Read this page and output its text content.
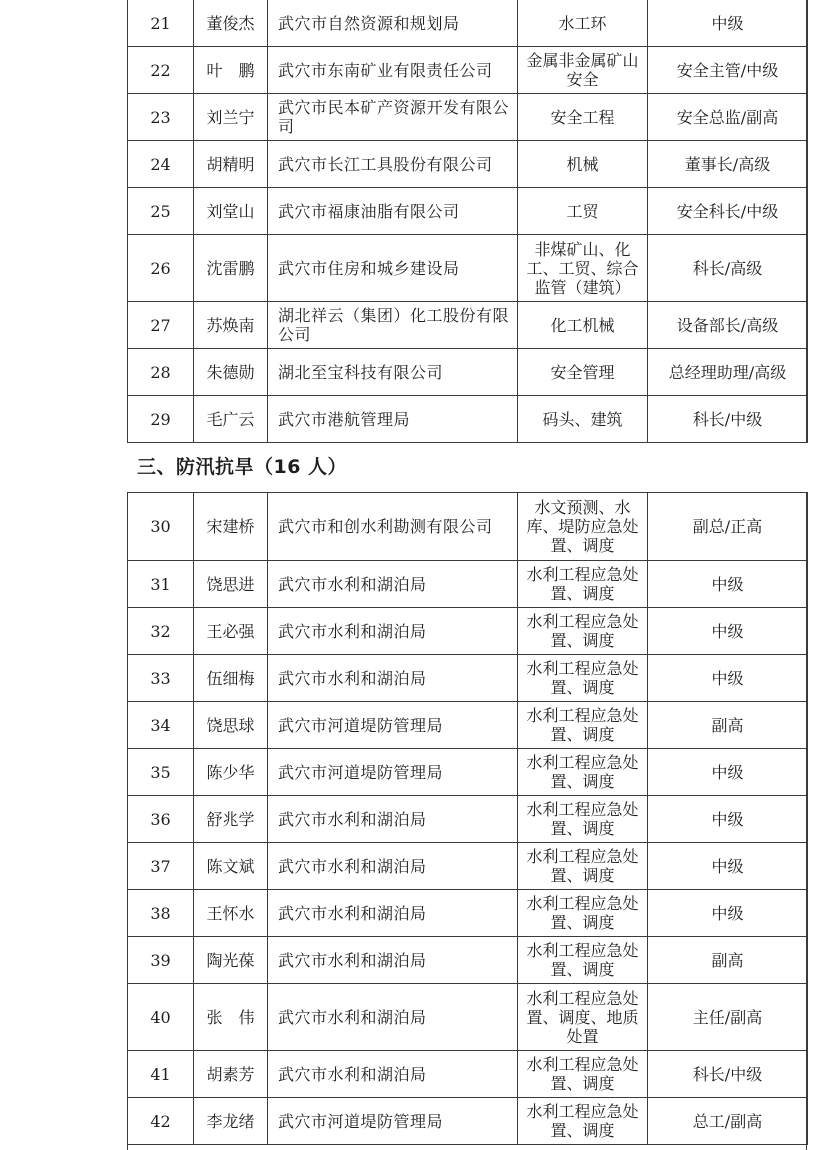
21	董俊杰	武穴市自然资源和规划局	水工环	中级
22	叶　鹏	武穴市东南矿业有限责任公司	金属非金属矿山安全	安全主管/中级
23	刘兰宁	武穴市民本矿产资源开发有限公司	安全工程	安全总监/副高
24	胡精明	武穴市长江工具股份有限公司	机械	董事长/高级
25	刘堂山	武穴市福康油脂有限公司	工贸	安全科长/中级
26	沈雷鹏	武穴市住房和城乡建设局	非煤矿山、化工、工贸、综合监管（建筑）	科长/高级
27	苏焕南	湖北祥云（集团）化工股份有限公司	化工机械	设备部长/高级
28	朱德勋	湖北至宝科技有限公司	安全管理	总经理助理/高级
29	毛广云	武穴市港航管理局	码头、建筑	科长/中级
三、防汛抗旱（16 人）
30	宋建桥	武穴市和创水利勘测有限公司	水文预测、水库、堤防应急处置、调度	副总/正高
31	饶思进	武穴市水利和湖泊局	水利工程应急处置、调度	中级
32	王必强	武穴市水利和湖泊局	水利工程应急处置、调度	中级
33	伍细梅	武穴市水利和湖泊局	水利工程应急处置、调度	中级
34	饶思球	武穴市河道堤防管理局	水利工程应急处置、调度	副高
35	陈少华	武穴市河道堤防管理局	水利工程应急处置、调度	中级
36	舒兆学	武穴市水利和湖泊局	水利工程应急处置、调度	中级
37	陈文斌	武穴市水利和湖泊局	水利工程应急处置、调度	中级
38	王怀水	武穴市水利和湖泊局	水利工程应急处置、调度	中级
39	陶光葆	武穴市水利和湖泊局	水利工程应急处置、调度	副高
40	张　伟	武穴市水利和湖泊局	水利工程应急处置、调度、地质处置	主任/副高
41	胡素芳	武穴市水利和湖泊局	水利工程应急处置、调度	科长/中级
42	李龙绪	武穴市河道堤防管理局	水利工程应急处置、调度	总工/副高
